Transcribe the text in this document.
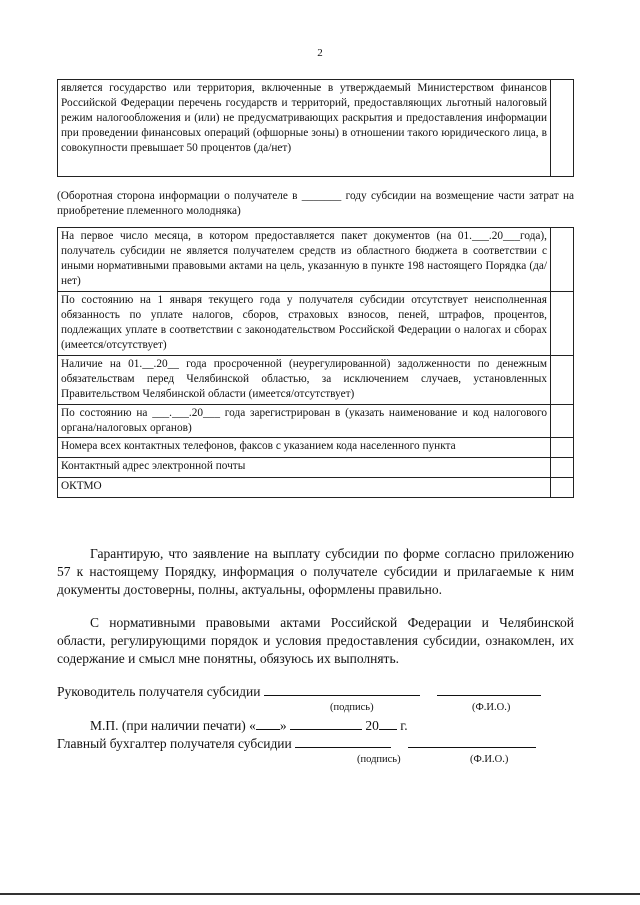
2
является государство или территория, включенные в утверждаемый Министерством финансов Российской Федерации перечень государств и территорий, предоставляющих льготный налоговый режим налогообложения и (или) не предусматривающих раскрытия и предоставления информации при проведении финансовых операций (офшорные зоны) в отношении такого юридического лица, в совокупности превышает 50 процентов (да/нет)	
(Оборотная сторона информации о получателе в _______ году субсидии на возмещение части затрат на приобретение племенного молодняка)
На первое число месяца, в котором предоставляется пакет документов (на 01.___.20___года), получатель субсидии не является получателем средств из областного бюджета в соответствии с иными нормативными правовыми актами на цель, указанную в пункте 198 настоящего Порядка (да/нет)	
По состоянию на 1 января текущего года у получателя субсидии отсутствует неисполненная обязанность по уплате налогов, сборов, страховых взносов, пеней, штрафов, процентов, подлежащих уплате в соответствии с законодательством Российской Федерации о налогах и сборах (имеется/отсутствует)	
Наличие на 01.__.20__ года просроченной (неурегулированной) задолженности по денежным обязательствам перед Челябинской областью, за исключением случаев, установленных Правительством Челябинской области (имеется/отсутствует)	
По состоянию на ___.___.20___ года зарегистрирован в (указать наименование и код налогового органа/налоговых органов)	
Номера всех контактных телефонов, факсов с указанием кода населенного пункта	
Контактный адрес электронной почты	
ОКТМО	
Гарантирую, что заявление на выплату субсидии по форме согласно приложению 57 к настоящему Порядку, информация о получателе субсидии и прилагаемые к ним документы достоверны, полны, актуальны, оформлены правильно.
С нормативными правовыми актами Российской Федерации и Челябинской области, регулирующими порядок и условия предоставления субсидии, ознакомлен, их содержание и смысл мне понятны, обязуюсь их выполнять.
Руководитель получателя субсидии
(подпись)	(Ф.И.О.)
М.П. (при наличии печати) « »	20 г.
Главный бухгалтер получателя субсидии
(подпись)	(Ф.И.О.)
